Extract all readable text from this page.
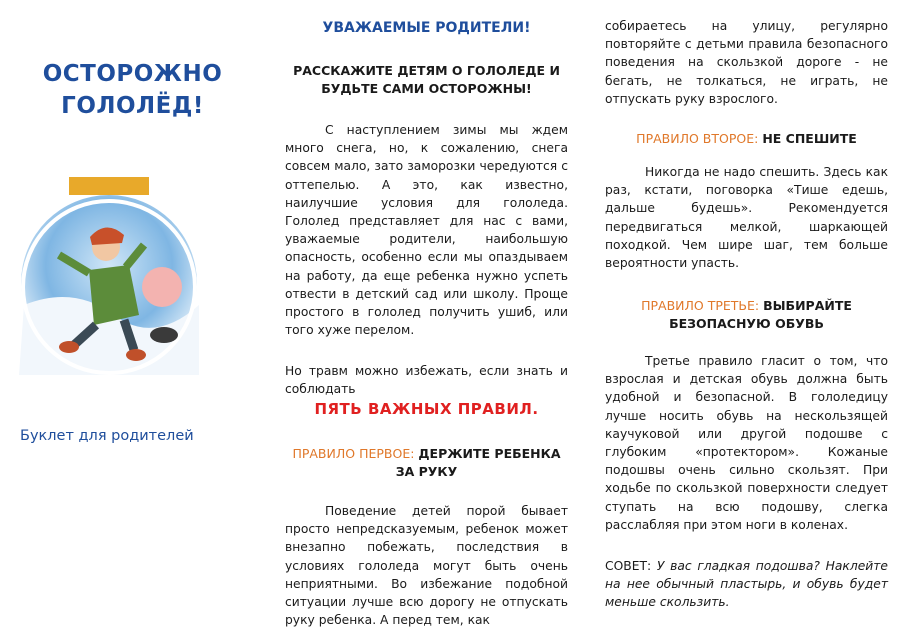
ОСТОРОЖНО
ГОЛОЛЁД!
Буклет для родителей
УВАЖАЕМЫЕ РОДИТЕЛИ!
РАССКАЖИТЕ ДЕТЯМ О ГОЛОЛЕДЕ И
БУДЬТЕ САМИ ОСТОРОЖНЫ!

С наступлением зимы мы ждем много снега, но, к сожалению, снега совсем мало, зато заморозки чередуются с оттепелью. А это, как известно, наилучшие условия для гололеда. Гололед представляет для нас с вами, уважаемые родители, наибольшую опасность, особенно если мы опаздываем на работу, да еще ребенка нужно успеть отвести в детский сад или школу. Проще простого в гололед получить ушиб, или того хуже перелом.

Но травм можно избежать, если знать и соблюдать

ПЯТЬ ВАЖНЫХ ПРАВИЛ.
ПРАВИЛО ПЕРВОЕ: ДЕРЖИТЕ РЕБЕНКА
ЗА РУКУ

Поведение детей порой бывает просто непредсказуемым, ребенок может внезапно побежать, последствия в условиях гололеда могут быть очень неприятными. Во избежание подобной ситуации лучше всю дорогу не отпускать руку ребенка. А перед тем, как

собираетесь на улицу, регулярно повторяйте с детьми правила безопасного поведения на скользкой дороге - не бегать, не толкаться, не играть, не отпускать руку взрослого.

ПРАВИЛО ВТОРОЕ: НЕ СПЕШИТЕ

Никогда не надо спешить. Здесь как раз, кстати, поговорка «Тише едешь, дальше будешь». Рекомендуется передвигаться мелкой, шаркающей походкой. Чем шире шаг, тем больше вероятности упасть.

ПРАВИЛО ТРЕТЬЕ: ВЫБИРАЙТЕ
БЕЗОПАСНУЮ ОБУВЬ

Третье правило гласит о том, что взрослая и детская обувь должна быть удобной и безопасной. В гололедицу лучше носить обувь на нескользящей каучуковой или другой подошве с глубоким «протектором». Кожаные подошвы очень сильно скользят. При ходьбе по скользкой поверхности следует ступать на всю подошву, слегка расслабляя при этом ноги в коленах.

СОВЕТ: У вас гладкая подошва? Наклейте на нее обычный пластырь, и обувь будет меньше скользить.
